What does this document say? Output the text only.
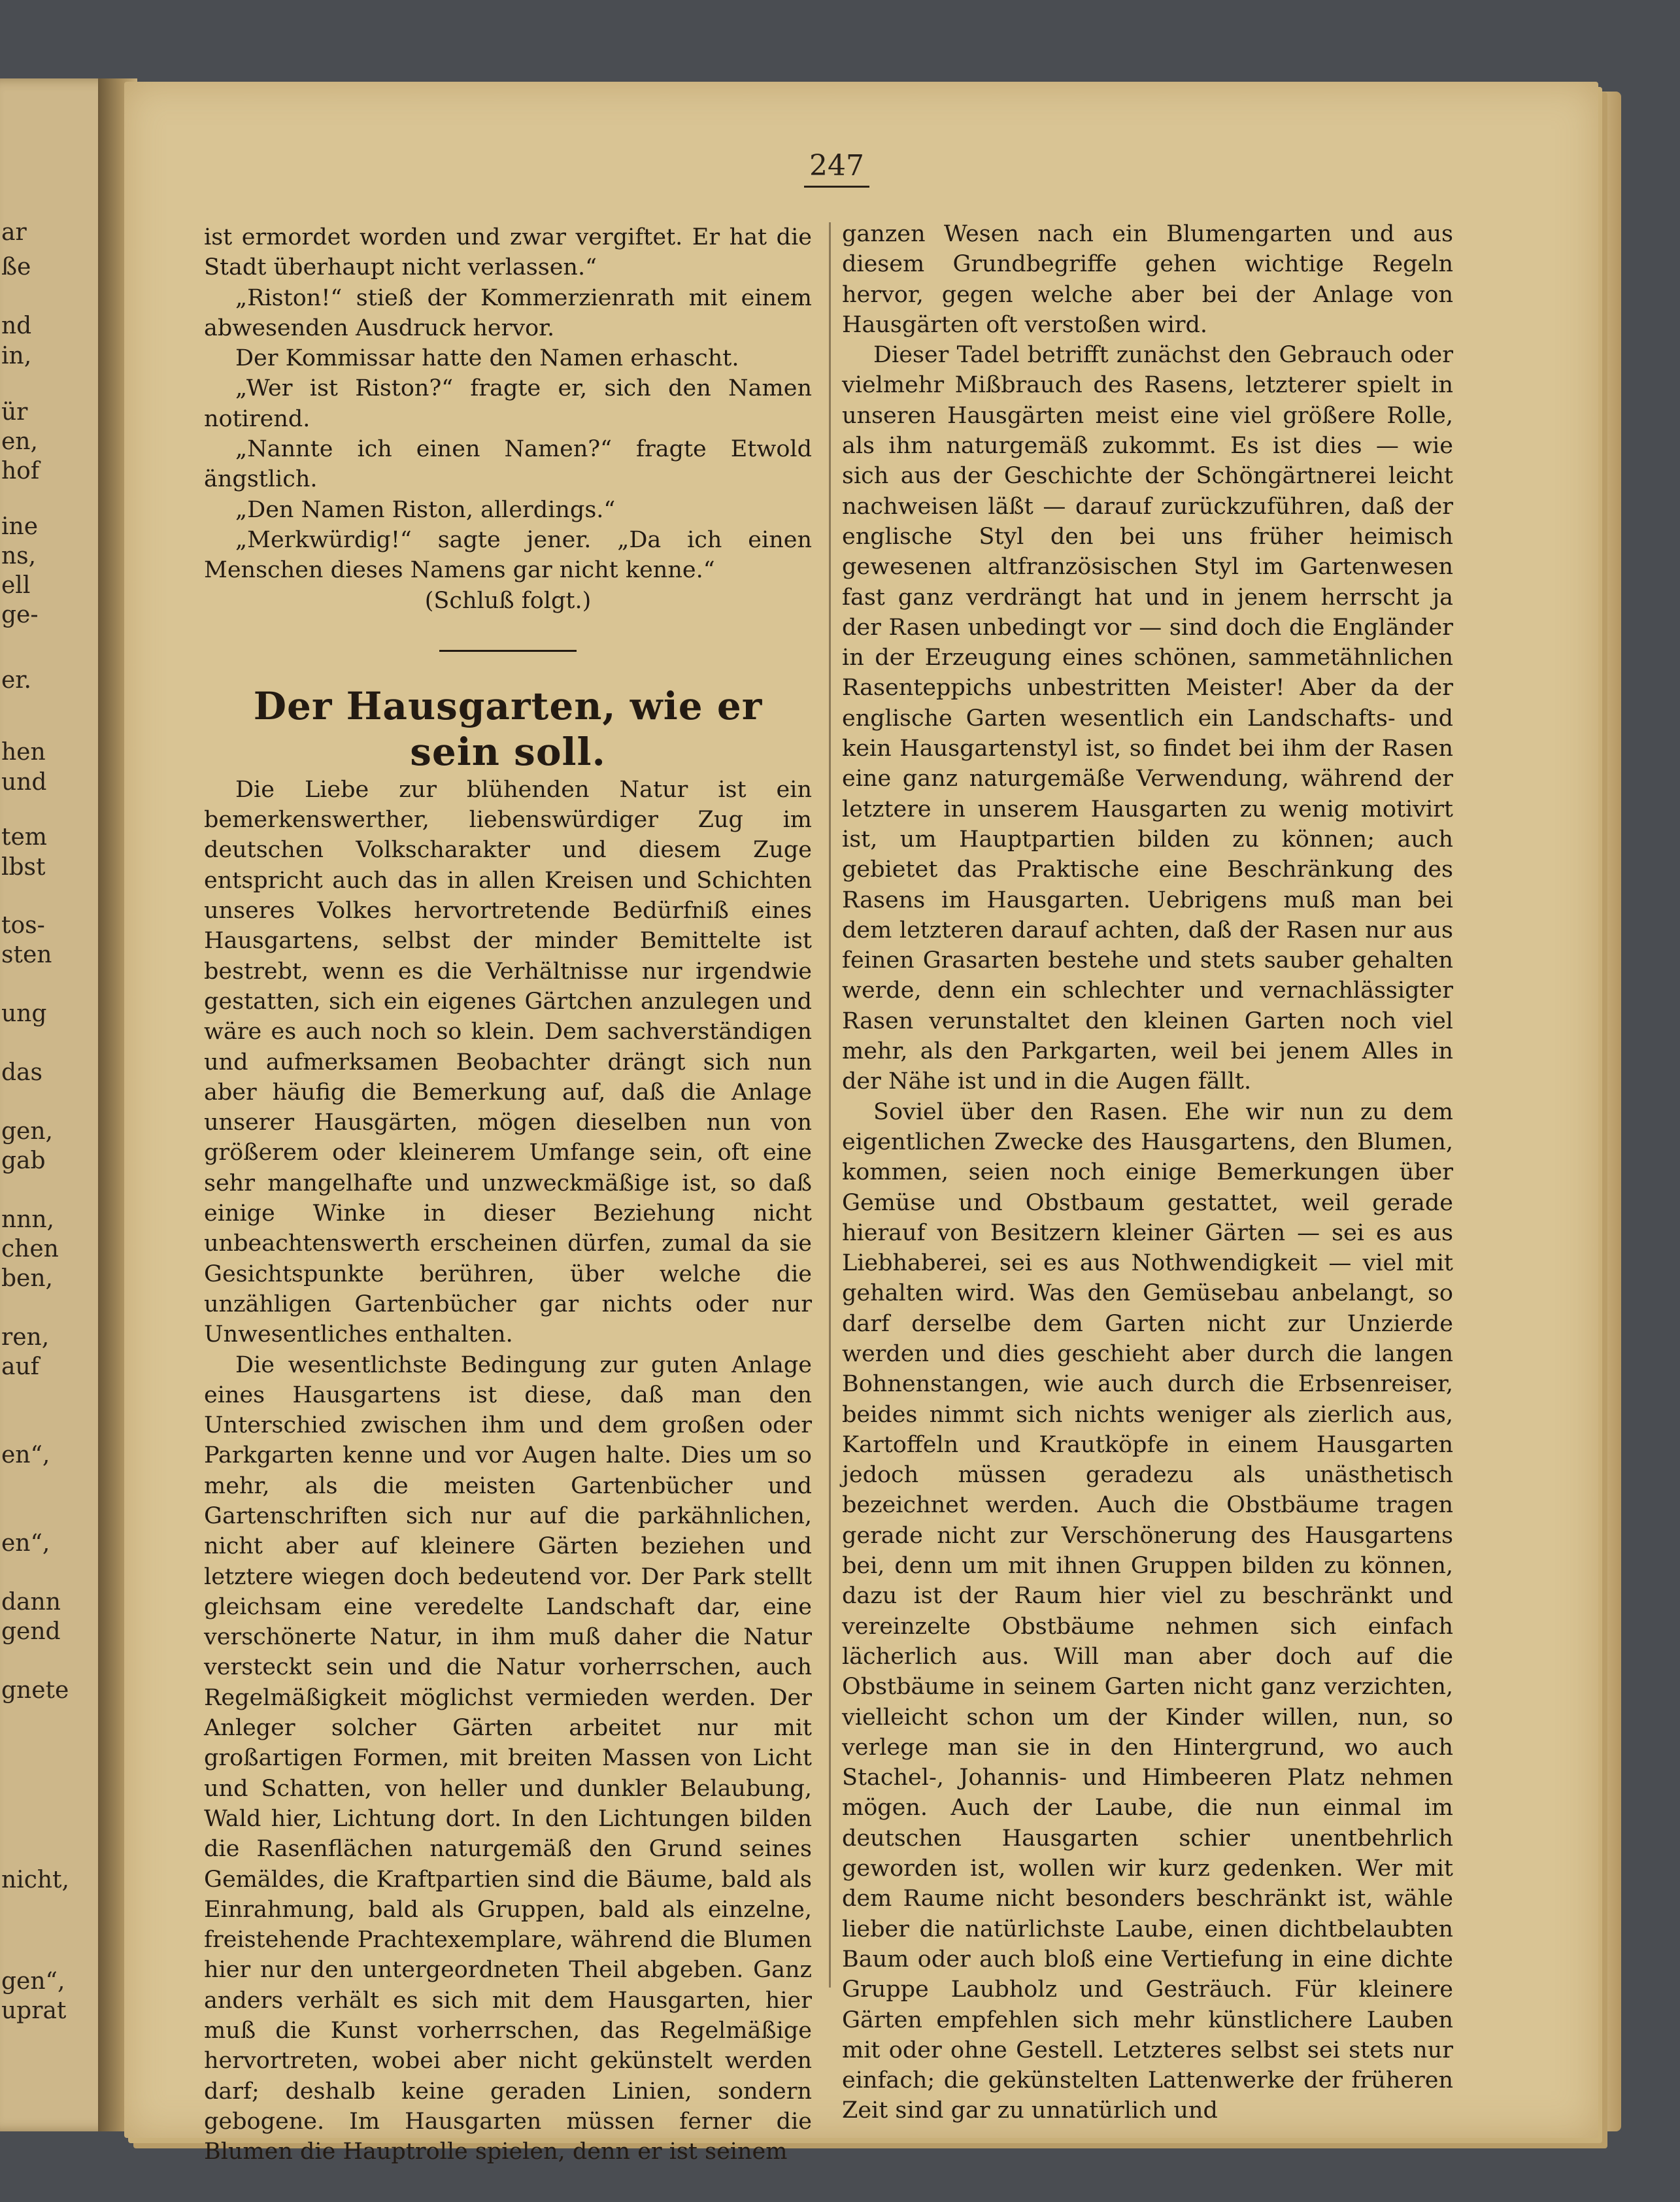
ar
ße
nd
in,
ür
en,
hof
ine
ns,
ell
ge-
er.
hen
und
tem
lbst
tos-
sten
ung
das
gen,
gab
nnn,
chen
ben,
ren,
auf
en“,
en“,
dann
gend
gnete
nicht,
gen“,
uprat
247

ist ermordet worden und zwar vergiftet. Er hat die Stadt überhaupt nicht verlassen.“

„Riston!“ stieß der Kommerzienrath mit einem abwesenden Ausdruck hervor.

Der Kommissar hatte den Namen erhascht.

„Wer ist Riston?“ fragte er, sich den Namen notirend.

„Nannte ich einen Namen?“ fragte Etwold ängstlich.

„Den Namen Riston, allerdings.“

„Merkwürdig!“ sagte jener. „Da ich einen Menschen dieses Namens gar nicht kenne.“

(Schluß folgt.)

Der Hausgarten, wie er sein soll.

Die Liebe zur blühenden Natur ist ein bemerkenswerther, liebenswürdiger Zug im deutschen Volkscharakter und diesem Zuge entspricht auch das in allen Kreisen und Schichten unseres Volkes hervortretende Bedürfniß eines Hausgartens, selbst der minder Bemittelte ist bestrebt, wenn es die Verhältnisse nur irgendwie gestatten, sich ein eigenes Gärtchen anzulegen und wäre es auch noch so klein. Dem sachverständigen und aufmerksamen Beobachter drängt sich nun aber häufig die Bemerkung auf, daß die Anlage unserer Hausgärten, mögen dieselben nun von größerem oder kleinerem Umfange sein, oft eine sehr mangelhafte und unzweckmäßige ist, so daß einige Winke in dieser Beziehung nicht unbeachtenswerth erscheinen dürfen, zumal da sie Gesichtspunkte berühren, über welche die unzähligen Gartenbücher gar nichts oder nur Unwesentliches enthalten.

Die wesentlichste Bedingung zur guten Anlage eines Hausgartens ist diese, daß man den Unterschied zwischen ihm und dem großen oder Parkgarten kenne und vor Augen halte. Dies um so mehr, als die meisten Gartenbücher und Gartenschriften sich nur auf die parkähnlichen, nicht aber auf kleinere Gärten beziehen und letztere wiegen doch bedeutend vor. Der Park stellt gleichsam eine veredelte Landschaft dar, eine verschönerte Natur, in ihm muß daher die Natur versteckt sein und die Natur vorherrschen, auch Regelmäßigkeit möglichst vermieden werden. Der Anleger solcher Gärten arbeitet nur mit großartigen Formen, mit breiten Massen von Licht und Schatten, von heller und dunkler Belaubung, Wald hier, Lichtung dort. In den Lichtungen bilden die Rasenflächen naturgemäß den Grund seines Gemäldes, die Kraftpartien sind die Bäume, bald als Einrahmung, bald als Gruppen, bald als einzelne, freistehende Prachtexemplare, während die Blumen hier nur den untergeordneten Theil abgeben. Ganz anders verhält es sich mit dem Hausgarten, hier muß die Kunst vorherrschen, das Regelmäßige hervortreten, wobei aber nicht gekünstelt werden darf; deshalb keine geraden Linien, sondern gebogene. Im Hausgarten müssen ferner die Blumen die Hauptrolle spielen, denn er ist seinem

ganzen Wesen nach ein Blumengarten und aus diesem Grundbegriffe gehen wichtige Regeln hervor, gegen welche aber bei der Anlage von Hausgärten oft verstoßen wird.

Dieser Tadel betrifft zunächst den Gebrauch oder vielmehr Mißbrauch des Rasens, letzterer spielt in unseren Hausgärten meist eine viel größere Rolle, als ihm naturgemäß zukommt. Es ist dies — wie sich aus der Geschichte der Schöngärtnerei leicht nachweisen läßt — darauf zurückzuführen, daß der englische Styl den bei uns früher heimisch gewesenen altfranzösischen Styl im Gartenwesen fast ganz verdrängt hat und in jenem herrscht ja der Rasen unbedingt vor — sind doch die Engländer in der Erzeugung eines schönen, sammetähnlichen Rasenteppichs unbestritten Meister! Aber da der englische Garten wesentlich ein Landschafts- und kein Hausgartenstyl ist, so findet bei ihm der Rasen eine ganz naturgemäße Verwendung, während der letztere in unserem Hausgarten zu wenig motivirt ist, um Hauptpartien bilden zu können; auch gebietet das Praktische eine Beschränkung des Rasens im Hausgarten. Uebrigens muß man bei dem letzteren darauf achten, daß der Rasen nur aus feinen Grasarten bestehe und stets sauber gehalten werde, denn ein schlechter und vernachlässigter Rasen verunstaltet den kleinen Garten noch viel mehr, als den Parkgarten, weil bei jenem Alles in der Nähe ist und in die Augen fällt.

Soviel über den Rasen. Ehe wir nun zu dem eigentlichen Zwecke des Hausgartens, den Blumen, kommen, seien noch einige Bemerkungen über Gemüse und Obstbaum gestattet, weil gerade hierauf von Besitzern kleiner Gärten — sei es aus Liebhaberei, sei es aus Nothwendigkeit — viel mit gehalten wird. Was den Gemüsebau anbelangt, so darf derselbe dem Garten nicht zur Unzierde werden und dies geschieht aber durch die langen Bohnenstangen, wie auch durch die Erbsenreiser, beides nimmt sich nichts weniger als zierlich aus, Kartoffeln und Krautköpfe in einem Hausgarten jedoch müssen geradezu als unästhetisch bezeichnet werden. Auch die Obstbäume tragen gerade nicht zur Verschönerung des Hausgartens bei, denn um mit ihnen Gruppen bilden zu können, dazu ist der Raum hier viel zu beschränkt und vereinzelte Obstbäume nehmen sich einfach lächerlich aus. Will man aber doch auf die Obstbäume in seinem Garten nicht ganz verzichten, vielleicht schon um der Kinder willen, nun, so verlege man sie in den Hintergrund, wo auch Stachel-, Johannis- und Himbeeren Platz nehmen mögen. Auch der Laube, die nun einmal im deutschen Hausgarten schier unentbehrlich geworden ist, wollen wir kurz gedenken. Wer mit dem Raume nicht besonders beschränkt ist, wähle lieber die natürlichste Laube, einen dichtbelaubten Baum oder auch bloß eine Vertiefung in eine dichte Gruppe Laubholz und Gesträuch. Für kleinere Gärten empfehlen sich mehr künstlichere Lauben mit oder ohne Gestell. Letzteres selbst sei stets nur einfach; die gekünstelten Lattenwerke der früheren Zeit sind gar zu unnatürlich und
